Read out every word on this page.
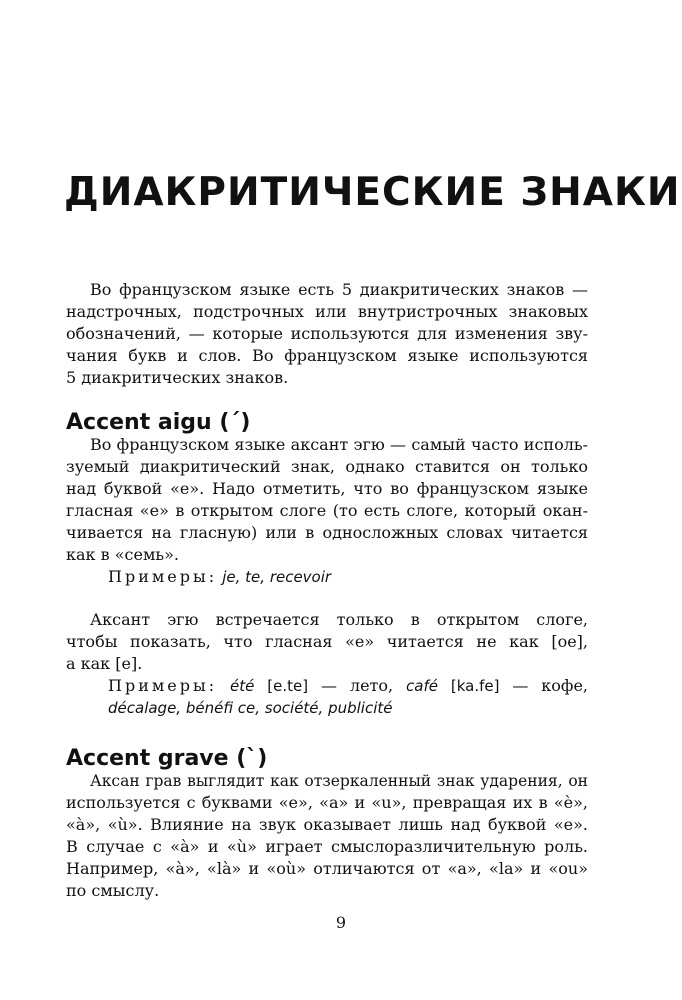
ДИАКРИТИЧЕСКИЕ ЗНАКИ

Во французском языке есть 5 диакритических знаков —
надстрочных, подстрочных или внутристрочных знаковых
обозначений, — которые используются для изменения зву-
чания букв и слов. Во французском языке используются
5 диакритических знаков.

Accent aigu (´)

Во французском языке аксант эгю — самый часто исполь-
зуемый диакритический знак, однако ставится он только
над буквой «е». Надо отметить, что во французском языке
гласная «е» в открытом слоге (то есть слоге, который окан-
чивается на гласную) или в односложных словах читается
как в «семь».

Примеры: je, te, recevoir

Аксант эгю встречается только в открытом слоге,
чтобы показать, что гласная «е» читается не как [ое],
а как [е].

Примеры: été [e.te] — лето, café [ka.fe] — кофе,
décalage, bénéfi ce, société, publicité
Accent grave (`)

Аксан грав выглядит как отзеркаленный знак ударения, он
используется с буквами «е», «а» и «u», превращая их в «è»,
«à», «ù». Влияние на звук оказывает лишь над буквой «е».
В случае с «à» и «ù» играет смыслоразличительную роль.
Например, «à», «là» и «où» отличаются от «a», «la» и «ou»
по смыслу.

9
